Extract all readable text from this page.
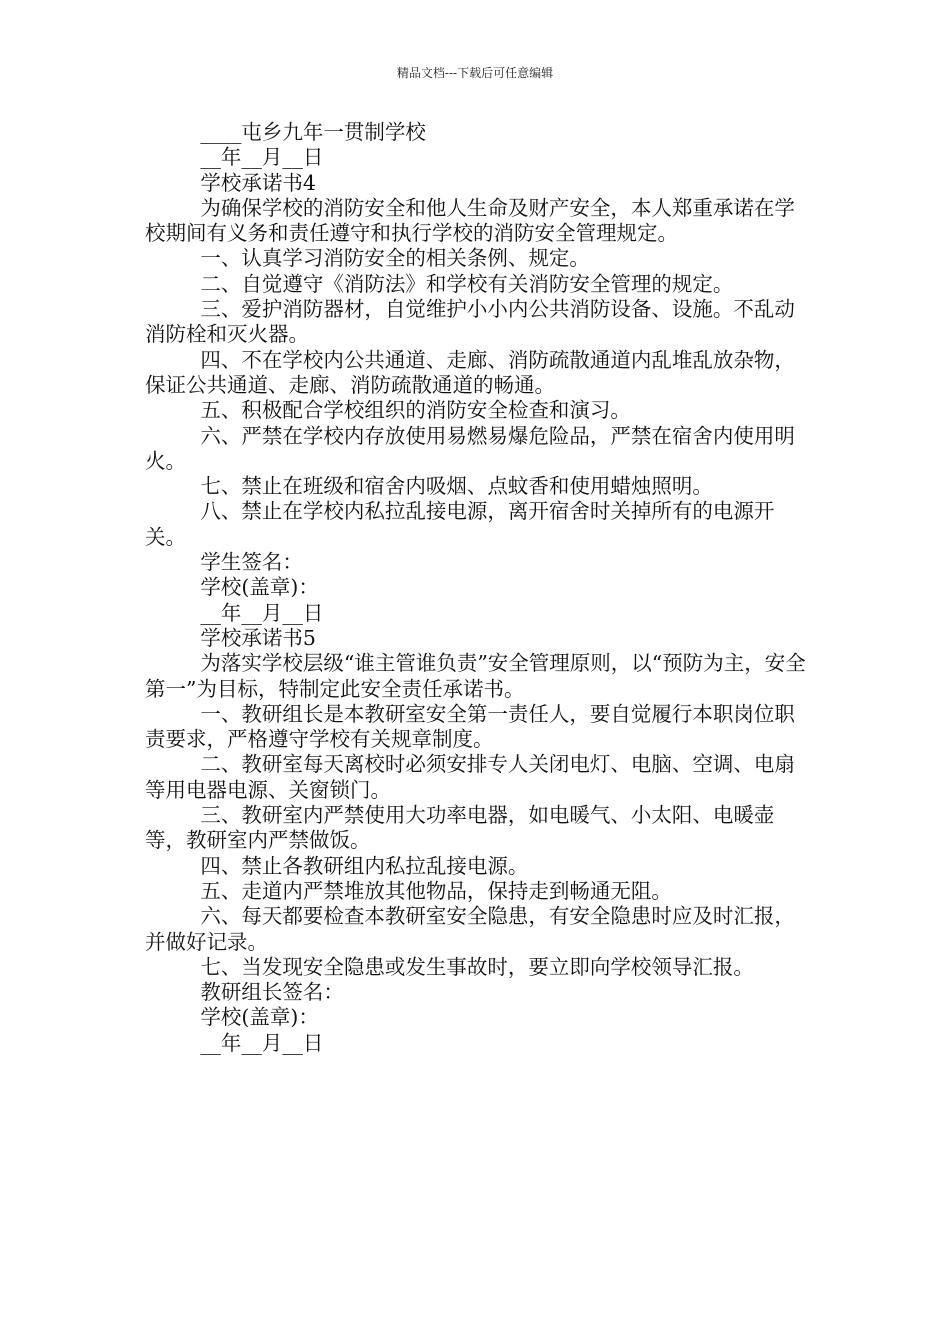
精品文档---下载后可任意编辑

____屯乡九年一贯制学校

__年__月__日

学校承诺书4

为确保学校的消防安全和他人生命及财产安全，本人郑重承诺在学校期间有义务和责任遵守和执行学校的消防安全管理规定。

一、认真学习消防安全的相关条例、规定。

二、自觉遵守《消防法》和学校有关消防安全管理的规定。

三、爱护消防器材，自觉维护小小内公共消防设备、设施。不乱动消防栓和灭火器。

四、不在学校内公共通道、走廊、消防疏散通道内乱堆乱放杂物，保证公共通道、走廊、消防疏散通道的畅通。

五、积极配合学校组织的消防安全检查和演习。

六、严禁在学校内存放使用易燃易爆危险品，严禁在宿舍内使用明火。

七、禁止在班级和宿舍内吸烟、点蚊香和使用蜡烛照明。

八、禁止在学校内私拉乱接电源，离开宿舍时关掉所有的电源开关。

学生签名：

学校(盖章)：

__年__月__日

学校承诺书5

为落实学校层级“谁主管谁负责”安全管理原则，以“预防为主，安全第一”为目标，特制定此安全责任承诺书。

一、教研组长是本教研室安全第一责任人，要自觉履行本职岗位职责要求，严格遵守学校有关规章制度。

二、教研室每天离校时必须安排专人关闭电灯、电脑、空调、电扇等用电器电源、关窗锁门。

三、教研室内严禁使用大功率电器，如电暖气、小太阳、电暖壶等，教研室内严禁做饭。

四、禁止各教研组内私拉乱接电源。

五、走道内严禁堆放其他物品，保持走到畅通无阻。

六、每天都要检查本教研室安全隐患，有安全隐患时应及时汇报，并做好记录。

七、当发现安全隐患或发生事故时，要立即向学校领导汇报。

教研组长签名：

学校(盖章)：

__年__月__日
